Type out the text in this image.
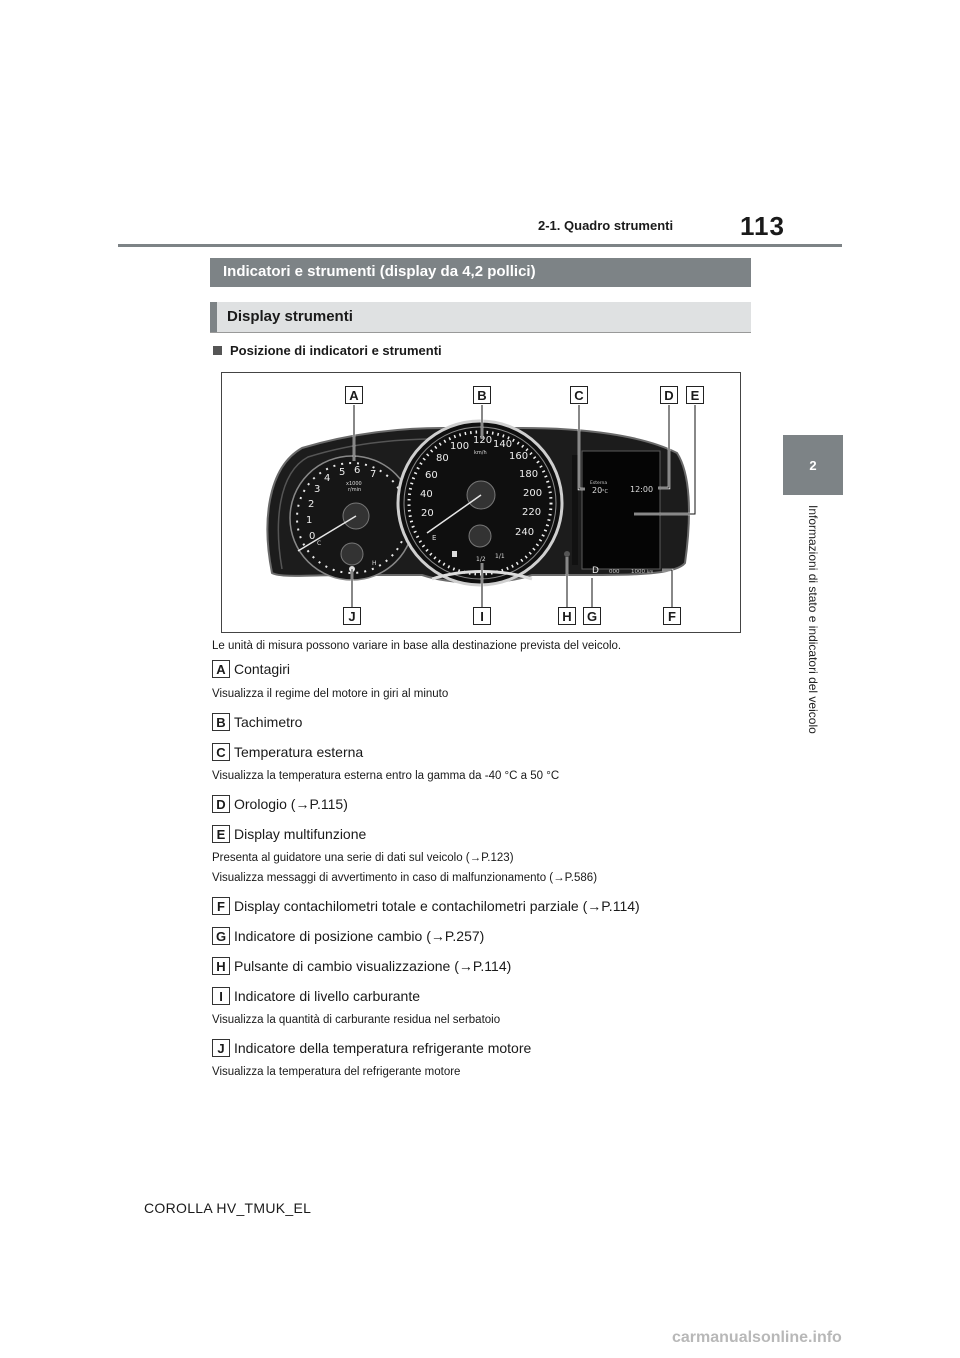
2-1. Quadro strumenti	113
2
Informazioni di stato e indicatori del veicolo
Indicatori e strumenti (display da 4,2 pollici)
Display strumenti
Posizione di indicatori e strumenti
0
1
2
3
4
5 6 7
x1000
r/min
C
H
20
40
60
80
100
120 140
160
180
200
220
240
km/h
E
1/2 1/1
Esterna
20 °C	12:00
D 000 1000 km
A	B	C	D	E
F
G
H
I
J
Le unità di misura possono variare in base alla destinazione prevista del veicolo.
A Contagiri
Visualizza il regime del motore in giri al minuto
B Tachimetro
C Temperatura esterna
Visualizza la temperatura esterna entro la gamma da -40 °C a 50 °C
D Orologio (→P.115)
E Display multifunzione
Presenta al guidatore una serie di dati sul veicolo (→P.123)
Visualizza messaggi di avvertimento in caso di malfunzionamento (→P.586)
F Display contachilometri totale e contachilometri parziale (→P.114)
G Indicatore di posizione cambio (→P.257)
H Pulsante di cambio visualizzazione (→P.114)
I Indicatore di livello carburante
Visualizza la quantità di carburante residua nel serbatoio
J Indicatore della temperatura refrigerante motore
Visualizza la temperatura del refrigerante motore
COROLLA HV_TMUK_EL
carmanualsonline.info
